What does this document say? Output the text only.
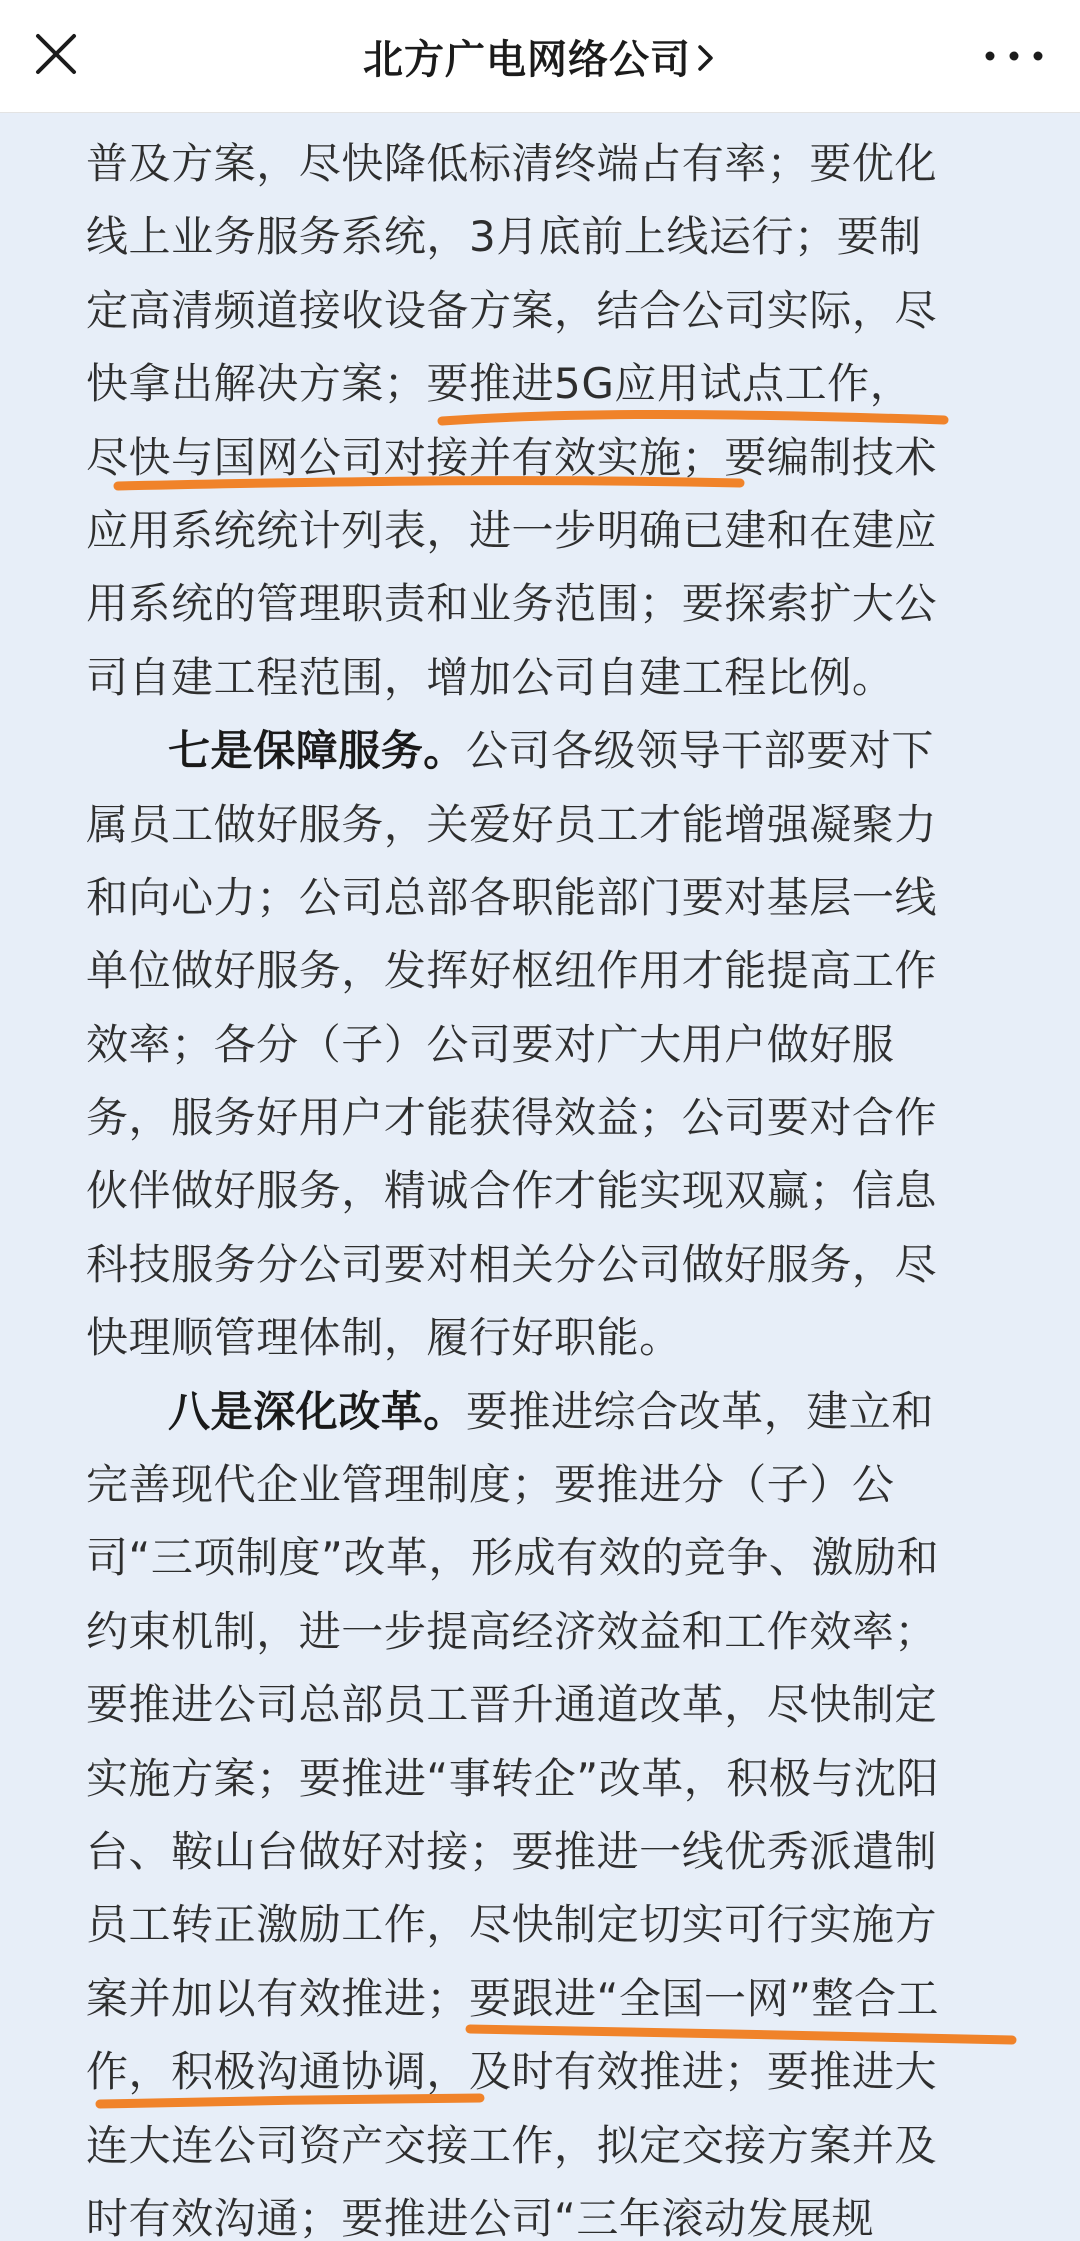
北方广电网络公司
普及方案，尽快降低标清终端占有率；要优化
线上业务服务系统，3月底前上线运行；要制
定高清频道接收设备方案，结合公司实际，尽
快拿出解决方案；要推进5G应用试点工作，
尽快与国网公司对接并有效实施；要编制技术
应用系统统计列表，进一步明确已建和在建应
用系统的管理职责和业务范围；要探索扩大公
司自建工程范围，增加公司自建工程比例。
七是保障服务。公司各级领导干部要对下
属员工做好服务，关爱好员工才能增强凝聚力
和向心力；公司总部各职能部门要对基层一线
单位做好服务，发挥好枢纽作用才能提高工作
效率；各分（子）公司要对广大用户做好服
务，服务好用户才能获得效益；公司要对合作
伙伴做好服务，精诚合作才能实现双赢；信息
科技服务分公司要对相关分公司做好服务，尽
快理顺管理体制，履行好职能。
八是深化改革。要推进综合改革，建立和
完善现代企业管理制度；要推进分（子）公
司“三项制度”改革，形成有效的竞争、激励和
约束机制，进一步提高经济效益和工作效率；
要推进公司总部员工晋升通道改革，尽快制定
实施方案；要推进“事转企”改革，积极与沈阳
台、鞍山台做好对接；要推进一线优秀派遣制
员工转正激励工作，尽快制定切实可行实施方
案并加以有效推进；要跟进“全国一网”整合工
作，积极沟通协调，及时有效推进；要推进大
连大连公司资产交接工作，拟定交接方案并及
时有效沟通；要推进公司“三年滚动发展规
